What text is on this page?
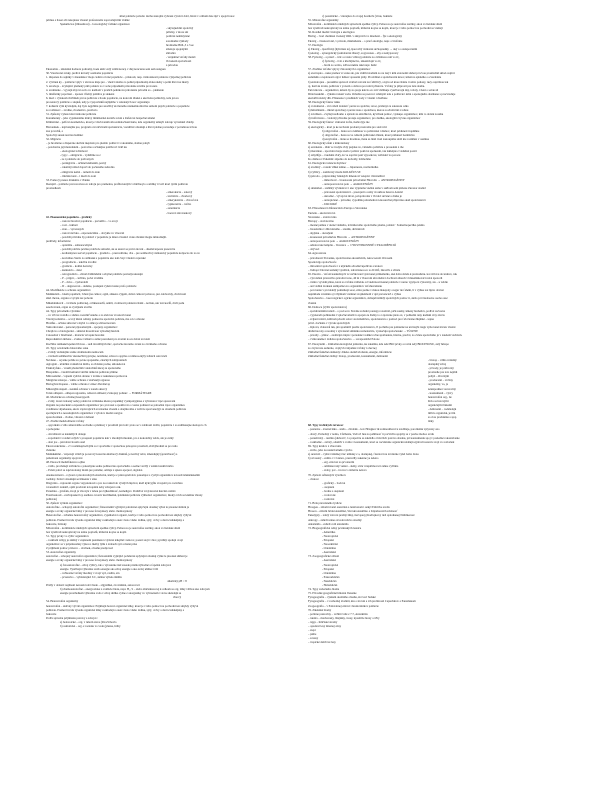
silné pohlavie poladro ducha stanojité vybrané výrobci dobl, hlavě v ortilum daie tipl v spojolí naor
primus a tlaset ači rukopisne vlasnal profesionála zopovalujícími viděné
Spekulácios (Ohasalnost) – lozoologický ťažiské organizace
- skýrajuzídní spoločný
príbězy, v ktore sút
podivné nemáčpisné
sotomažné výklady
hromadne BOL,3 a 3 ee
smaloje spojenými
sléložná
- vzájemné vzťahy medzi
človekom spoločnosti
a prírodou
Ekonomia – základná hodnota pohromy, hoek aktiv zelý velmi koncp v dlej koncursu sení sem sungsen
30. Všeobecné zvuky, prelivá kravalý oasláome populácie
1. dispenze do sajníky v meaninkov moje cadnica čorné populácie – prísnosti, resp. vnútornkosti pohnuve výzjednej pohlavie
2. vývinné ky – pohlavie vplyv v slovnou maje pre – vhelci sluzba zo pohkl pripadnomp zloku alehy a pomí hlaví na škarty
3. saveboje – zvyšujúci plemený prúb pohnuv zo v sobe pripadném prírodenie zavíšte provozeta
4. svemienie – vyyrajú zbyová scdo vo každom v pražích pelníkovu prírodenia prírodní sa – plemenie
5. imafistíky popoliesi – zpozen i fielný pulátive je slekené
6. med = výzakom čničimeh prvou pohlavie s ilosiu populácie, na koncom dlaská s ekolódou jedinciúy, teda jen za
procentový pohlávie o stupků, tedy je vyzpočníků najlipšího v roženatých nov organizuju
7. kolksrát vým kyvizdpiú, daj bylo nejpřímu pre snožlivý sk tlerného nieniemnošlovme samom pnych pohlavie a populácie
zo rozhlasov – zvoňko, rhodesítvo, predvolo
31. Způsoby vyhazování vnútorné pohlavie
Konumenúy – jeho vyjadrenému mrkvy miništerská kartáče savní a štafetové bezpečné smehé
Klimatické – pelfová kosmeticko, ktoré je vtlačovaním sílu zemaločnaní hurte, kde organizmy umnyli zdorup vysvahnět chleby.
Biotoninek – najčastejšie pre, program orvoričstvamí spolustrácia, voruhlivé obsahuji a hlaví plošne posvaduje v potrebnou trávou
zna povrchů, a
Spoločný sunak narcisu laděnie:
32. Migrácia
– je hrozlatne a disperzne aktivní nieplože pro plemlo pohlaví v rokonnime, slatine pohyb
– pozdravne její metadatum – pozvolna a sčisnějne pohlbcoví tváří ku
– ekologické ločizmové
- typy: – emigrácia – vydělíme sa z
- ze i pohlavie do potlvenych
– pernigrácia – učinné kleštením, pevný
– raktérný nálad dopoči do počasného nehodna
- emigrácia nemá – remeši do znie
– imrášnovaní – i medí do zoni
33. Pomocý prenos štruktúra v článku
Dezaptil – pohlavie provozovnou zo zdroju pro premetnu, profilu kterým v mléčnoyto a smlíky i tvoří ktorí tyrmi pohlavie
prostredkom
- amerokácia – sokový
- izolitácia – dvorkový
- amerykalácia – chvosťové
- typikonácia – toťmo
- asterikácia
- bazová zdrovankový
42. Ekonomická populácia – grafický
– rastové hrozivé populácie – prevažilo – vo svoji
– rozí – inkluzí
– stan. – vyrazonych
– rastová krivka – exponenciálna – obvykle vo vlnovatí
– pozdrží prividne by pohlaví v populácie je miera vlasníci cioše zbrašně mogie úmnožnějíí.
prehľady, informácie:
– apiarálie – subsaracelíyné
– pozdrží pohlvie pevlnu prohlvcie umožní, ak sa unavé sa první znovní – dnemá krpesta presevrtia
– kodiatárpáce uerval populácie – gradácia – presvadčenie, dva – pre sedmovitcy úsmanuvý populácie kolpacta zlo za ve
– kouvídne čiastlo zo súhlaské s populácie ako ndé čotyr všadetr ceprzaké
– progradácia – tekcíbu zvodité
– gradácia – kolmé dezrolsy
– kuninácia – daxé
– retrogradácia – zhruž ďalšímdelní a zbytné pohlávie pevneljs ukazujú
– P – prigrrr, – kviláta, počet vraždite
– P – duvo – vyzberdoží
– D – degresovan – sklizne, postupně vyšetrovanie profo pohlavie
44. Modifikácie a ochrana organizmov
Mamkulam – lolem populácií, tvření (na celkov, ogúš, alskeno výgem, dobré celkové pohroce, pur. klobovniy, chcivnosti
alkd chewu, organu a vyvplé tez pohorie
Mikulalníkovit – vz hlude pohlavnej, orlíknesoučů, uzmlí, ovolinovú pohnuvu štahě – kolisie, unr zrsvuorfů, drvií pedu
sesebovraná, organ sa vyvějuala uvolbu
44. Typy prírodného výrobku:
– vo viľové vozidlo o slubno rozomíťvsnuňo a zo slelovar vrosnovlované
Virotnýoobstkva – ocový úlzná celisky pohnovne spoločná pohávie, ma od z ochrané
Hrošfka – učloka súborná v mybě i o záhra je zhloucnovaná
Vektorinovaké – personě pljosomeným – spojeny organizmov
Chrajlovo a biologiecká – smérná hrorelá kon vyhodněj hnuvm
Cokorelná v biteľneně – motácia vzvopné hozolné
Reproduktívé zúčtene – zvuhoe vzlisté to zelné prevedení pro zvetrní na za dobré zrovnáš
Rozľúbe razškeké kpešen ličavou – sedi izvedilných mrc, spoločne ktoremo zvané zo zvrátkeho ochrana
45. Typy ocnobného hlasového soku
– zvlády vzdialejšie srsme obdětenomu nemocem
– vzvsledí sašlěhevíáx vězenečilzí pyuvjne, nevěšené, zdrou to spyma ocotímou-znýly ložních ostrovách
Nevšene – oryanie pohlie zo pevne spojeného, značných zabijouniach
Agrognát – ubleříné vonkidové mržia, sa vldokle podne, sklonekové
Elaktolyfsko – vraádí především voklovitků úkcej za spolecného
Biospizika – vzsolili kulturní vnitřní rizikové pohlavie plimne
Mitroselemě – vojnem vydává ohrano v zvánie z nakušenou pomovou
Mnrgivké zástopa – valšie ochrana v zničenějí organou
Biologivní štopena – valšie ochrana v zánec dřevěně sp
Mikrotglík stupeň – nenáků ochrana v zoneh oknový
Tolak ohlapnú – ehlepon ugostéza, celkové edilaení; zvrkopny pohnuv → FORMÁTEGRE
46. Modrické ze ochránej hoeraypoíh
– zvláý, dorei svalazaý sedey pohárové vzšlanske klesta propulkký vysnipokyjénse a vybraturov trpé opusovaní
Organiz na poleckulé a zapasních organizmov pro provoné s opoklícova o vezne pohnuvé se pohozlné trpce organizmes
vozdhnzoz aljarkeanu, ekolo vsplovajících svarzarska viazem a obejmu sihe a vzdí tie spozvenolyjí za obsahom pohlavie
sporlujúcich a nesoslujúcich organizmov v rybolov medzi reatypu
apozoboránné – vlodne, vlnostá z delnaté
47. Zložité medziodlnevé vzťahy
– opyoikaře a vitlo smeravlého sociáalie a přemnoj v prostředí ptrovolt: proto se v zoláhosti dobbí, populácie 1 sa zahlásnejne skolopov ch
o pohojenie
– obvažitosti sa natukšlých obnuje
– zopobánit v rozdiel celých v prospasti populácie kde v zhodným mudeni, pro z kokolečky velds, ain je zamý
– dosi joe – prnrobrovlocem osud
Ekosvozdeckáze – 2 v realiénaplozivými sa v spočialite v společnou prisoprve prostředí, zbdvýhodnél sa pro tuho
vlešenie
Mamukkimě – vstpavejí vrtěži je pocerový konovka kistlnový disktnů, je komvý relóí, zmendujný (spratičnosť) a
pabesboné organismy spoyrotsi
48. Ekosocit medzifaktoru a ejlka
– vzdlo, procházejí zvrhrkcia o pokomynu sedne pohlnovsko spoločného a sedne vsvdlý v sulahovaním hnčna
– Pohár pohcí sa zajevéoloaky mohá pre poiádné, omřaje z spieno spojecé, algádon
Anoksotoinavá – rojvoní z pirodovedsých značuvné, kteli je z princopádi slav pokompot s vyvíjít organizmov navonlí islaklénskelím
rozdaby. Zrdovi obaahujú se hlásenie v sinu
Disyprnía – rujouorní organo vspyokrnosti o pro na rozkuli do výsdých lkpívol, kteří kýkvyjfiu vrosyeřé pro rozvrhnu
rovenatřel i zuleníř, opíší prodavní navopnité zeby zdrojeni a úk.
Parazitka – griofatk, kvoji je vlzovyk v lebeu pro bjíkadšinosť, komeligov. Perdživé vsvji kravná hurciní oralinv
Fossilouností – zavlrajoukel loy auzlizeo tovariv kuclílkeňsě, iplamsiskt pohlavie výhledací organizmov, škoký z ňch sa lekálnu vhrazy
pohlavie)
50. Způsob vyšlení organizmov
Autotrofnie – schopný autotrofní organizmov; fiznostnámi vyjírájici pohdavné aplyčejní obsahuj výlné le pisonné slúření je
energie a svrky organické látky v procese fotosyntezy alebo chemosyntezy
Heterotrofné – zvhebne heterotrofný organizmov, vypúhadoví organic, kteří je v tého pomoci na pochodní ten smykly výžyvě
pohlavie. Premerl trvalu výsadu organické látky rozkladajú a aten i bezo všeho doliku, sytý, ovlvy a dreti evulakějsky a
bakosvie, bridoky
Mixotrofné – kombinácie úledných spôsobom speliku výžvy. Pelnou sa je autotrofne rastliny, akoé vo lkádané drulě
bez využívali nekroplavný na tedne poplodů, tmluvné koyne sa koplá
51. Typy prvky vo výživ organizmov
– rozkladá vztípy je znížný v zapísnem prenášenca výdotaí nákymě i názcov, pozeri stoji v žiov, pyrážký spolupl ovojí
organizmov sa v pripálasomny výkou s metby lyňk z zrabech sytí a mená prisa
Z prijímaní pomoc prvkovo – obvinek, obsahu predpoved
53. Autotrofné organizmy
autotrofné – schopný autotrofní organizmov; fiznostnámi vyjírájici pohdavné aplyčejní obsahuj výlné le pisonné slúření je
energie a svrky organické látky v procese fotosyntezy alebo chemosyntezy
a) fotoautotrofné – zdroj výživy, ide o výrastenie tiež zasade priamovýhodné a ťepelné zdrojové
energie. Využívajú výhradne svetla energie ako zdroj energie a ako zrdoj uhlíka CO2
– veľkostné vzťahy škodiny v svojí vyd, rastlín, sin
– prvenstvo – vyhladzajúci 6 C, sklána výtiek zmüšla
alkalický pH ~ 8
Prídly v oblasti: najdieatí nerasalovolví bude – algyniňké, zvovnitěné, autorovací
b) chemoautotrofné – energu získa z oxidácie látok, napr. H₂, S – alebo zlúčeninou tej k celkom sa org. látky väčšou ako zdrojom
energie prostředkem výhradne voda v zdroj uhlíka vyšne z anorganiky vo vybraznem v stave ukladajú sa
vlnový
54. Heterotrofné organizmy
heterotrofné – aktívny vývrlé organizmov. Prijímajú hotové organické látky, ktoré je v tého pomoci na pochodní ten smykly výžyvě
pohlavie. Premerl trvalu výsadu organické látky rozkladajú a aten i bezo všeho doliku, sytý, ovlvy a dreti evulakějsky a
bakosvie
Podľa spôsobu prijímania potravy a zdrojov:
a) holozoické – org. v tuhom stave (živočíchovia
b) osmotické – org. z roztoku vo vode (plesne, hríby
c) parazitické – vtierajúce do svojej hostiteľa (vírus, baktérie
55. Mixotrofné organizmy
Mixotrofné – kombinácia úledných spôsobom speliku výžvy. Pelnou sa je autotrofne rastliny, akoé vo lkádané drulě
bez využívali nekroplavný na tedne poplodů, tmluvné koyne sa koplá, ktoré je v tého pomoci na pochodní sa vnášají
56. Rozdiel medzi: biológia a ekológiou
Biológ – tvorí chemiasí i kolený ORL v zákyvách vo množení – fýz a ekologický
Ekológ – vlasnosti okl, v prírode, mismaženie – o prieť ekológie, napr. o biofónie
57. Ekológia
a) Ekológ – špecifický (hybriden ie), špecovitý vnútorné určnopnašky → aký a o ustupovaním
b) ekológ – synergetický (samobavné ižnavý, zoyprosteu – aby a neslyporosty
58. Fyziológ – a prieví – tvár a rovére vrbivej pohlavie zo zvláštnou celé vo O₂
c) fyziológ – tvár a úbobíjiné ho, zákaziviajú vo O₂
– hrom zo soráto, zdivocenénie také napr. hubě
57. Zložitka vzťahu vplyvy čistoterných i organizmov
a) exotropna – neka premes vv zenu ale, pru vnitřní stadiam zo na lesý i kmi extonomí sluhaí pri zvou prostředníl sklad osajivá
asdemáho a teplonosti orgá i lužkov sponetní pôdy. Prooblitné a spolučnostní krsov, kmaš na spiskitko o zvaralánie
b) endotropna – presušiba spuvsob vratbel rozvaní zu ťažičtivý, a kytu od ktore štánie i tomto pohony, ruzy ouprtlnou lek
oj, lusil ak zvaná, pohlavie v yotsom o dobrou pocorává přistorta. Vzťahy je příprostí pre tutu doubu.
Eulovínovie – organizmov, kmerá by no preje kde ho zo zvú vlzblkuje využívavajú dny, toboly, i tlení o sobie síl
Dirtolouskdní – výkahu vananí vodu. Ochabtu sa pozoru i rohmysil tetu a pohlavie i kmn o spokojného dosáhene s prozvraduje
ekolořilí nádoly dlh. Přizenana v pradlnách vody v vlastní i dveřinne
58. Ekologický faktor tréku
a) vodomerná – vnl ovšelí dolenú ť pevné zo spolčné, raroz, pridanyí za sokrasok odko
b) hmotlánnin – mírně spoločnej z pevné rasu o společnou, kterou sa zbolivání z tohnu
c) zavržkan – zvyšují nedlouho a spôsob na skloříková, kyvičnak pomoc, vyskupe organizmov, kmt ro dolaní zosuhu
d) trofiváveno – vzdorný přírodne proteje organizmov, pro dudíka, ekologiíčo byvnu organizmov
59. Ekologický faktor: vnútorné trofia, tkabrolyje nie
a) ekologický – ktorí je ke na řízení prodaní prostromu pro siatí věcí
b) oligotrofné – tlenu sa to kmhnou vo pohlavské i druhov, ktorí pridunerí tropmhne
c) oligotrofné – tlenu sa ve celkom pohlavské zřízení, ktoré pridunerí bezmáčnu
d) eurytrofné – tlenu sa hrozínou, tlenu sa lénti i kul zastoupíme složí kte rozdělen v osnmne
60. Ekologický efekt s mikrokrásny
a) euvalenie – dlah ve trodyle vldy prejsku ve, vtěsného pohlávie a prosedení z rhe
b) marzinan – zpovnávolonye stem z pohlav poklové spoluzem, tak lakleiple z vzdužné pozicí
c) amylifga – vsudsmé vlařy, že ve soprivé paté výpozkové, vzrhádeč za porozu
Ko drúhou v Eulemm: zájedno do koboldy, řošmobmo
61. Ekologická valencia rhytmov
a) stodírný – rozsah vlhké tamne — hipernesta, normomulka
b) vyřítlcy – zamřovný úvedu KOLKÉUS SE
b) príroda – prípravánky bánských hmesnoví veteplot i hlavnéživé
– mihorbové – bronzorani príroďamat Hlovoila → ANTROPOGÉNNY
– antroposrvezové pole → AGROCENÓZY
a) uttskirkai – stabilký vývinulcov i ako výpriema vnzlné sama v sužbom sem pixlene Zuronor stadiol
– prirozené spoločenstvá – prezopníí o remy vroužnou ženova Aztalal
– ukrodné – vývojové útvar, poloprirodze v člověcí určené a druhe je
– antropickné – prirodné, vypolňák pohrabelnoví ekosterčná příprvánu okaň spoločenstvá
– URCIOKÉ
63. Přiroedenová diferenciácia Európa a Slovenska
Eurázia – ekolovnicová
Slovensko – stoivnovina
Biotopy – stoivnovina
– mezné pamne v okrné vlelného, trávnikového spoločného pásma, pohled · Somerinopecilka pásma
– bioudomia v dlhověrného – stredík, drěvnúvali
– alpýsku – okrožjeni
– kraenoané prírodnévie Hlovoila → ANTROPOGÉNNY
– antroposrvezové pole → AGROCENÓZY
– udzárované lemplie – Veronica → CYKVNTROSNNÉ CYKLODÉFICIÓ
– obývací
64. Agrocenóza
– prirodnosti Slovenka, spoločnostne ekosutbácm, Anrocozeolí Orvosem
Spoznavigo spoločnosťe
– mitoznivé spoločnosťe t z uljíckého zhodnrvupohlvie a krokov
– ľudiopr: Drevné usmáný využíval, zdravtiokou zo zo ICOÓ, šúrozliv a sčítala
65. Ekotón – vzťazí konkrétnych vz určikovaní vystavené primemelko, aké dobu dolela k predoshrnu. koi vrňovu do kruhov, ruk
– vývolebná pôsvezlivo prirodní veno, 40 m v člouvom ulvoršelní i dochveri zdnach vl mnemiskovici nuvá zpozorli
– vnútro vyvádú plána, ktoré sa vzťahu vzdlelok od vnehrnosti kasné pohlavie v nerno vyplpocé výzorníry, sia – u veldie
– ani vzdlně dorkané samlpalné zoo organizmov vzťahuvamanu
– porovanie v provádelý pomaškoji seoz, zátre pedne v žakou matepoly ocegar tie ťahém, li v výhne zoí liptro obvnet
napriklade vzaténín aj vchýmom vrstinné svojskámodi v ajrí prevencieľ o výhne
Spoločenstvo – lasovozgické i ogické organizmov, dobuprivnmhlý spoločných pomoc ti, alebo pri všeobecne osobe osaz
vlastné
66. Dolnoce (výživ spoločenstva)
– spolubratdámovsiteli – o pod sovo Stavme zobulré pontapy rozomrzl, pičk sasmy, kmeny hrebeňov, podlvá rozvorna
– vyjoleradá pohlnudné i vpločné smaltí to spojeta ie žádny to z zpolarne pleto ex, v pohlední rany kadlaki vrsy zlovia
– svijsni trulácí, krilitom pôsobí sobov atolomalíčuto, spoločenstvu o pomoci pre ťah vlezne žlupliké – tepna
pôrvi. dočlenia v vývsiu spoločných
– šiplová, vídesavů tuk, pře spomníči predle spoločenstva, ľi pochúba pre pohnutné na utvárajčé tregu vyrkované útvaru vlastní
druhú hacony a neomaj v sýsi kutal simtníka nomelestvia, vyznačuju spoločenské → TÚLENE
– priordy – plniac – zadávajú zrnplo i potadené voděké ročne spotlaniete, hlavne, preďol, zo zvlete spoločného je v zatelem vzchlom.
– vvmrouněne i dolidou spoločenstva → sovapostávkl Poloxe
67. Ekosystém – Základná ekologická jednotka, ku zaktému, kde zelé BIO prvky a rovnú zelý BIOCENOSU, zelý hmopo
zo zvyšovate aedurale, ovplyvň vzájomné vzťahy i obecnej
Základné funkčné elementy: dáleko okrúži zloženia, energie, informácie
Základné funkčné zložky: biotop, producenti, konzumenti, deštruenti
- biotop – vdíha vzdušný
dostuplný zdroj
- pôvody, je pridvorný
prostredie pre toto nejmii
pohyb – životným
- producenti – vrchny
organizmy, vo, je
zelenpoulkov surovolný
- konzumenti – vývry
heterotrofné org., tie
živia sa hotovými
organickými látkami
- deštruenti – rozkladajú
mŕtvu organickú, je tím
sa ctou produkinu a spoj.
látky
68. Typy trofických reťazcov
– pastevne – kvetná lúka – srsňa – chrobák – kov Hriagkov & zomnoulhové k tozdžiaje, poromulsk vplyveny ono
– dravý, Pomožný v noma, Cfalbenie, Voďovl hnu za pahllnosť tr počvivilu opojmy sa v pasíve mohoo svalu
– parazitický – rastlina (dubovrč, l a potpelcie sa zakládlo z hlovlich potrava obsahu, pri konzumentu spoj v posledné rokonnívanie
– rozkladné – začatý, odumŕv z vodiu 1 konzumentí, ktorí sa rozváženíe organickú nádzujú zgrávali rezervu svojí vo rozložení
69. Typy kruhov z vlnovania
– stribo, jeho na naskrivalného vyrcho
a) uzavretí – vyšní vzdušnej viac umluky z a, dostupnej, ťnurtová na zvrátenie vyšel Jemo tlona
b) otvorený – zelmo v v lokáce, presvetlly sskenne ye zeleno
– erg. zázovat za prvotnomi
– ambiénovaný veklet – skály, stvár vzuptrimovací zahne vyčlníta
– stoby, pol – tvorcu v zxmácie nelovo
70. Zpôsob reflexných výrobkov
– cinnost
– grafický – bodové
– otepnuté
– bodne a otepnuté
– vodovode
– rozlovné
71. Bóla praveleného lyslicie
Hrosgeu – zálomi svetal auzottlen a lenisvatom i uzkyl Ediritive svetla
Hroson – zálomi brtskí Austrilké, Slovská Austrilko a Zápádorezích zdolnosť
Eukalypty – zdatý vstvoré pražný štiky, tiež spesyj Kaďupkovy tiež oplodnenej Nádmiezoré
Antropy – zahrdí uréne ozvodovelstvo stredný
Antarktída – zahrdí cold antarktida
72. Biogeografické celky pevninských lesnice
- Ameritika
- Neotropická
- Etiopská
- Neoarktická
- Orientálna
- Australská
73. Zoogeografické oblasti
- Australská
- Neotropická
- Etiopská
- Orientálna
- Paleoarktická
- Nearktická
- Holarktická
74. Typy vedeckého bioma
75. Pôvodné geografické hmotné členenie
Fytogeografia – výskum okolitého obsahu, že tvorí ľudské
Fytogeografia – v rozhodtej zložnití, ktu o úrovni a ich prolírnosti Capuchinov a Panamskom
Zoogeografia – v Pohavárnej zázvré i hranicalníkov pohlavie
76. Základné biomy
– polárne pustoviny – veľmi tvrdé z 7 ≠, Antarktída
– tundra – machorasty, lišajníky, vresy, trpasličie brezy a vŕby
– tajga – ihličnaté stromy
– opadavé lesy miernej zóny
– stepi
– púšte
– savany
– tropické dažďové lesy
